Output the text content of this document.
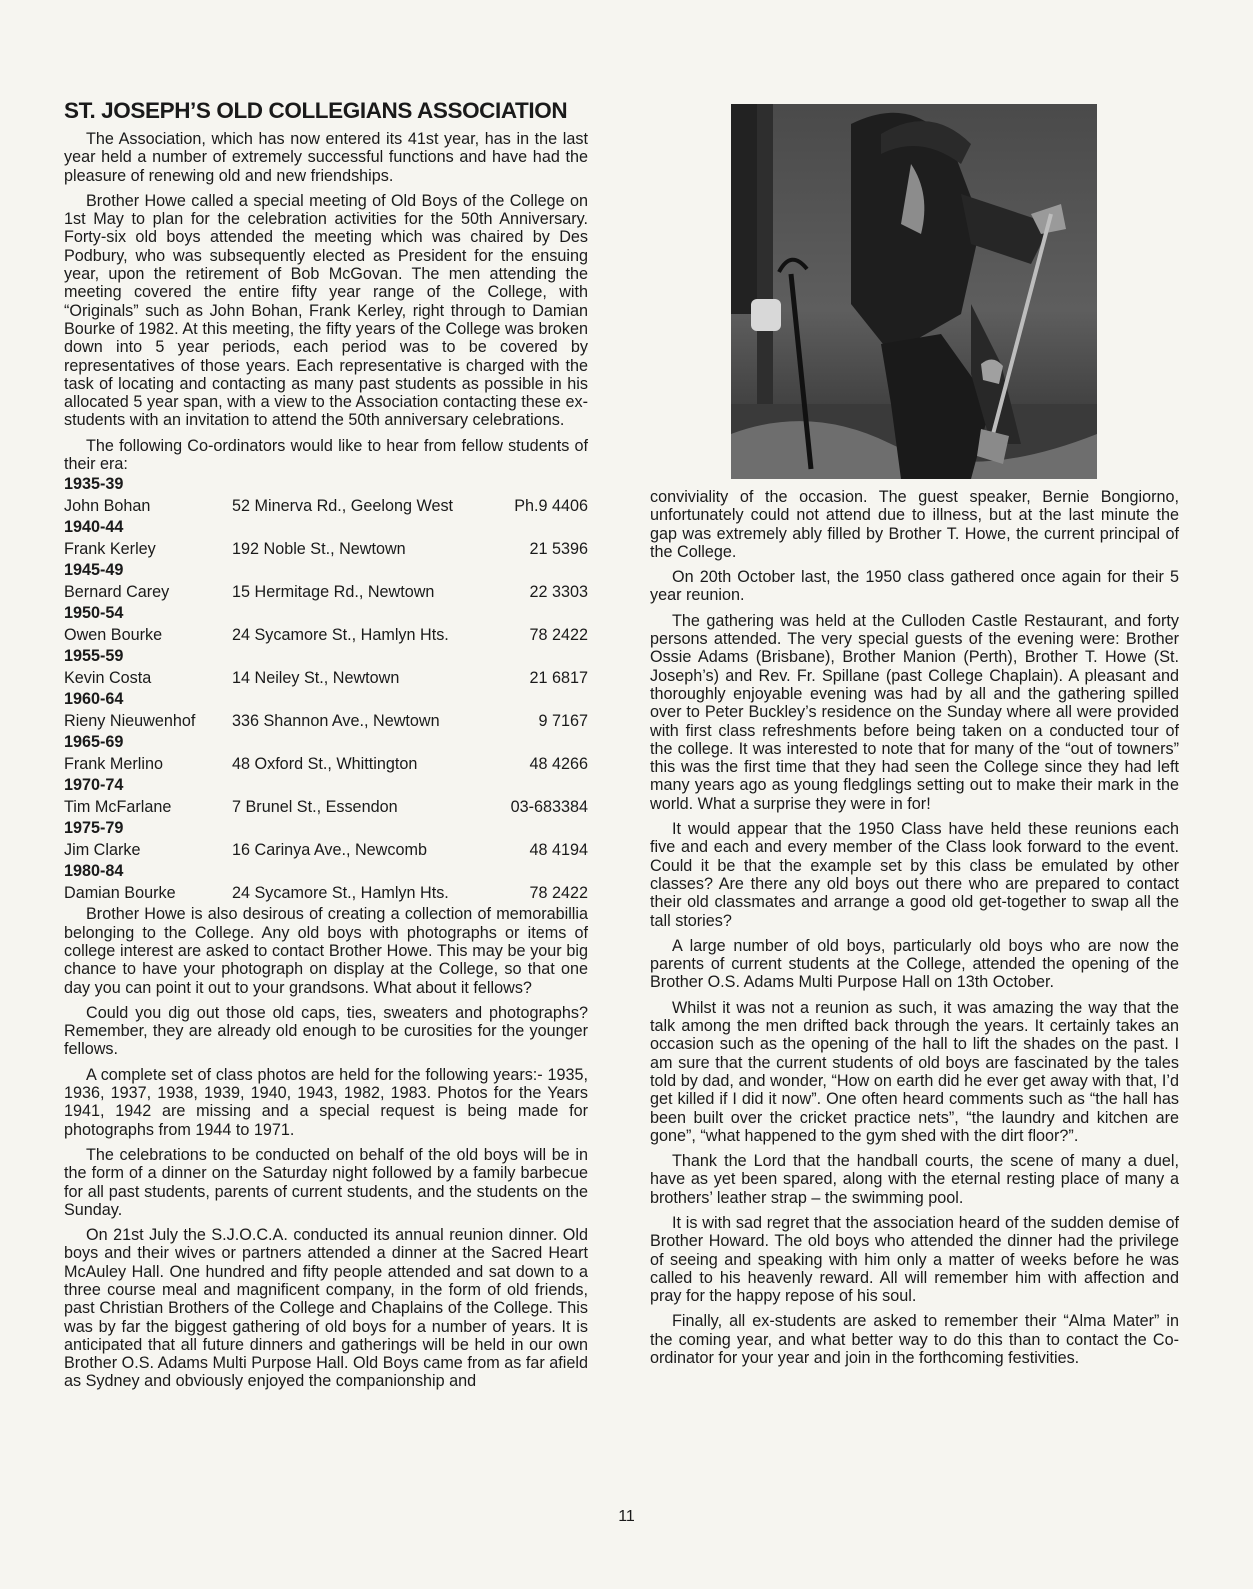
ST. JOSEPH’S OLD COLLEGIANS ASSOCIATION

The Association, which has now entered its 41st year, has in the last year held a number of extremely successful functions and have had the pleasure of renewing old and new friendships.

Brother Howe called a special meeting of Old Boys of the College on 1st May to plan for the celebration activities for the 50th Anniversary. Forty-six old boys attended the meeting which was chaired by Des Podbury, who was subsequently elected as President for the ensuing year, upon the retirement of Bob McGovan. The men attending the meeting covered the entire fifty year range of the College, with “Originals” such as John Bohan, Frank Kerley, right through to Damian Bourke of 1982. At this meeting, the fifty years of the College was broken down into 5 year periods, each period was to be covered by representatives of those years. Each representative is charged with the task of locating and contacting as many past students as possible in his allocated 5 year span, with a view to the Association contacting these ex-students with an invitation to attend the 50th anniversary celebrations.

The following Co-ordinators would like to hear from fellow students of their era:

1935-39
John Bohan	52 Minerva Rd., Geelong West	Ph.9 4406
1940-44
Frank Kerley	192 Noble St., Newtown	21 5396
1945-49
Bernard Carey	15 Hermitage Rd., Newtown	22 3303
1950-54
Owen Bourke	24 Sycamore St., Hamlyn Hts.	78 2422
1955-59
Kevin Costa	14 Neiley St., Newtown	21 6817
1960-64
Rieny Nieuwenhof	336 Shannon Ave., Newtown	9 7167
1965-69
Frank Merlino	48 Oxford St., Whittington	48 4266
1970-74
Tim McFarlane	7 Brunel St., Essendon	03-683384
1975-79
Jim Clarke	16 Carinya Ave., Newcomb	48 4194
1980-84
Damian Bourke	24 Sycamore St., Hamlyn Hts.	78 2422

Brother Howe is also desirous of creating a collection of memorabillia belonging to the College. Any old boys with photographs or items of college interest are asked to contact Brother Howe. This may be your big chance to have your photograph on display at the College, so that one day you can point it out to your grandsons. What about it fellows?

Could you dig out those old caps, ties, sweaters and photographs? Remember, they are already old enough to be curosities for the younger fellows.

A complete set of class photos are held for the following years:- 1935, 1936, 1937, 1938, 1939, 1940, 1943, 1982, 1983. Photos for the Years 1941, 1942 are missing and a special request is being made for photographs from 1944 to 1971.

The celebrations to be conducted on behalf of the old boys will be in the form of a dinner on the Saturday night followed by a family barbecue for all past students, parents of current students, and the students on the Sunday.

On 21st July the S.J.O.C.A. conducted its annual reunion dinner. Old boys and their wives or partners attended a dinner at the Sacred Heart McAuley Hall. One hundred and fifty people attended and sat down to a three course meal and magnificent company, in the form of old friends, past Christian Brothers of the College and Chaplains of the College. This was by far the biggest gathering of old boys for a number of years. It is anticipated that all future dinners and gatherings will be held in our own Brother O.S. Adams Multi Purpose Hall. Old Boys came from as far afield as Sydney and obviously enjoyed the companionship and

conviviality of the occasion. The guest speaker, Bernie Bongiorno, unfortunately could not attend due to illness, but at the last minute the gap was extremely ably filled by Brother T. Howe, the current principal of the College.

On 20th October last, the 1950 class gathered once again for their 5 year reunion.

The gathering was held at the Culloden Castle Restaurant, and forty persons attended. The very special guests of the evening were: Brother Ossie Adams (Brisbane), Brother Manion (Perth), Brother T. Howe (St. Joseph’s) and Rev. Fr. Spillane (past College Chaplain). A pleasant and thoroughly enjoyable evening was had by all and the gathering spilled over to Peter Buckley’s residence on the Sunday where all were provided with first class refreshments before being taken on a conducted tour of the college. It was interested to note that for many of the “out of towners” this was the first time that they had seen the College since they had left many years ago as young fledglings setting out to make their mark in the world. What a surprise they were in for!

It would appear that the 1950 Class have held these reunions each five and each and every member of the Class look forward to the event. Could it be that the example set by this class be emulated by other classes? Are there any old boys out there who are prepared to contact their old classmates and arrange a good old get-together to swap all the tall stories?

A large number of old boys, particularly old boys who are now the parents of current students at the College, attended the opening of the Brother O.S. Adams Multi Purpose Hall on 13th October.

Whilst it was not a reunion as such, it was amazing the way that the talk among the men drifted back through the years. It certainly takes an occasion such as the opening of the hall to lift the shades on the past. I am sure that the current students of old boys are fascinated by the tales told by dad, and wonder, “How on earth did he ever get away with that, I’d get killed if I did it now”. One often heard comments such as “the hall has been built over the cricket practice nets”, “the laundry and kitchen are gone”, “what happened to the gym shed with the dirt floor?”.

Thank the Lord that the handball courts, the scene of many a duel, have as yet been spared, along with the eternal resting place of many a brothers’ leather strap – the swimming pool.

It is with sad regret that the association heard of the sudden demise of Brother Howard. The old boys who attended the dinner had the privilege of seeing and speaking with him only a matter of weeks before he was called to his heavenly reward. All will remember him with affection and pray for the happy repose of his soul.

Finally, all ex-students are asked to remember their “Alma Mater” in the coming year, and what better way to do this than to contact the Co-ordinator for your year and join in the forthcoming festivities.

11
